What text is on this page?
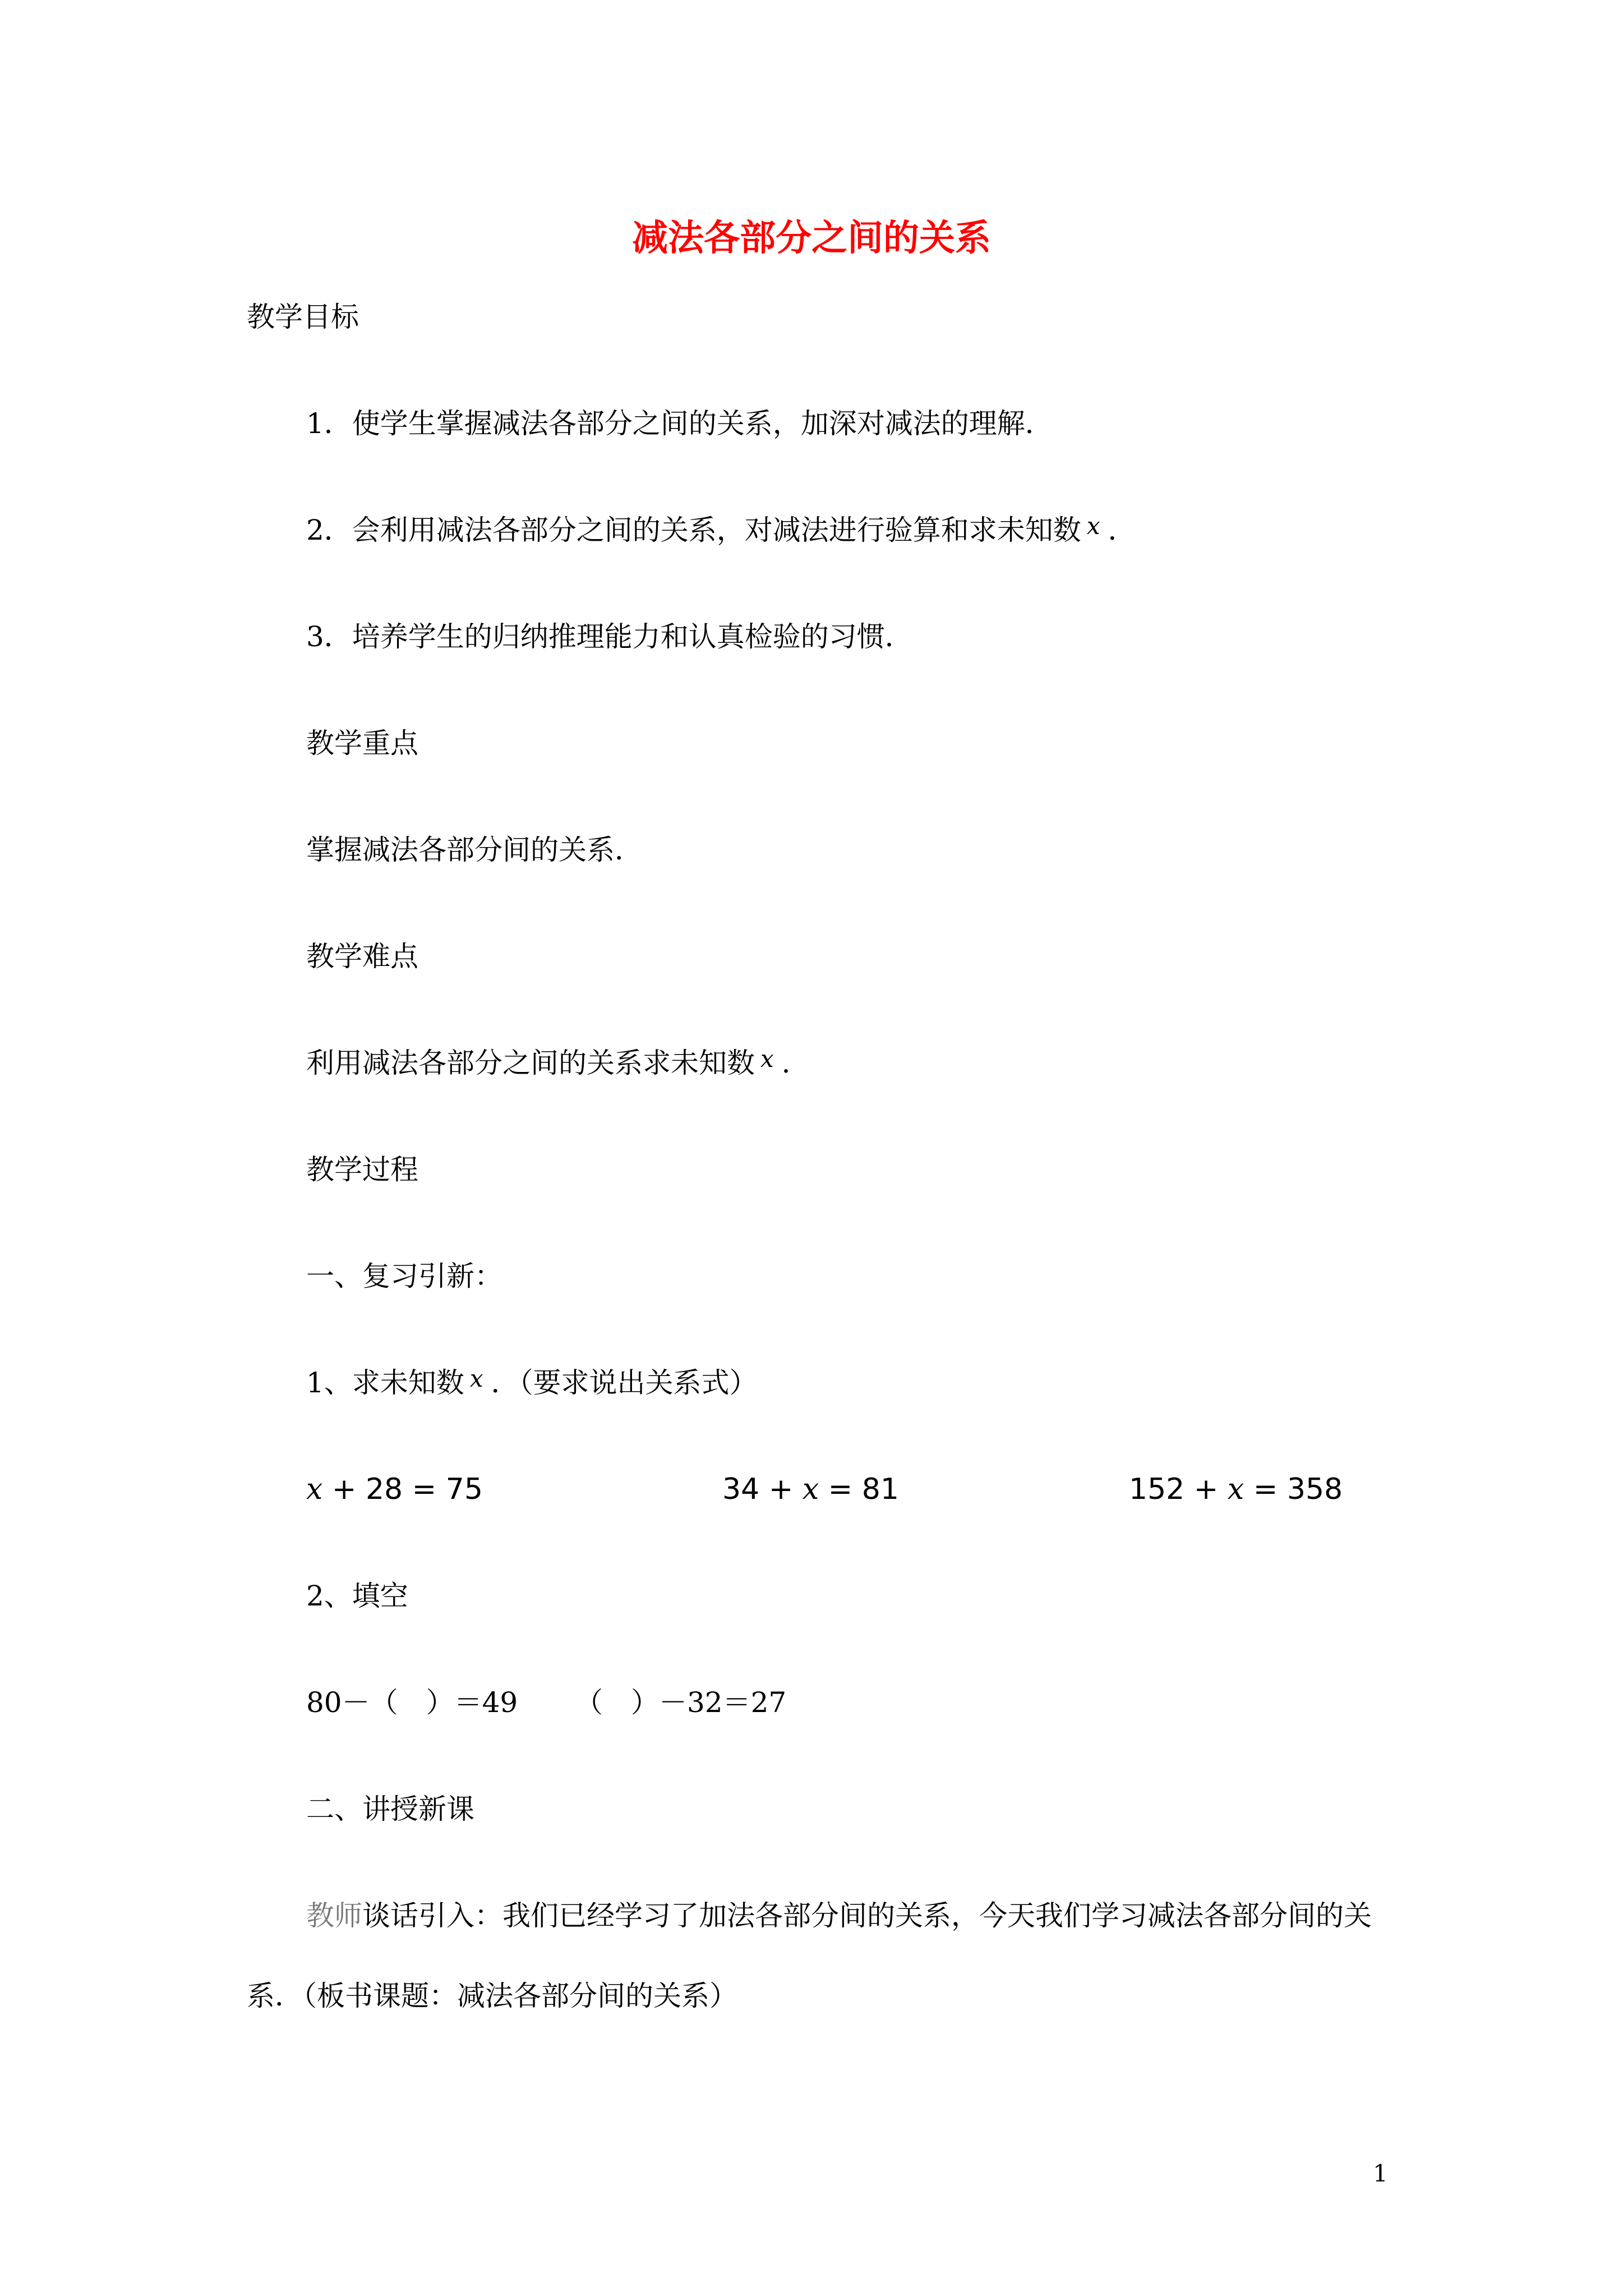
减法各部分之间的关系
教学目标
1．使学生掌握减法各部分之间的关系，加深对减法的理解．
2．会利用减法各部分之间的关系，对减法进行验算和求未知数 $^x$ ．
3．培养学生的归纳推理能力和认真检验的习惯．
教学重点
掌握减法各部分间的关系．
教学难点
利用减法各部分之间的关系求未知数 $^x$ ．
教学过程
一、复习引新：
1、求未知数 $^x$ ．（要求说出关系式）
x + 28 = 75	34 + x = 81	152 + x = 358
2、填空
80－（　）＝49 （　）－32＝27
二、讲授新课
教师谈话引入：我们已经学习了加法各部分间的关系，今天我们学习减法各部分间的关
系．（板书课题：减法各部分间的关系）
1
